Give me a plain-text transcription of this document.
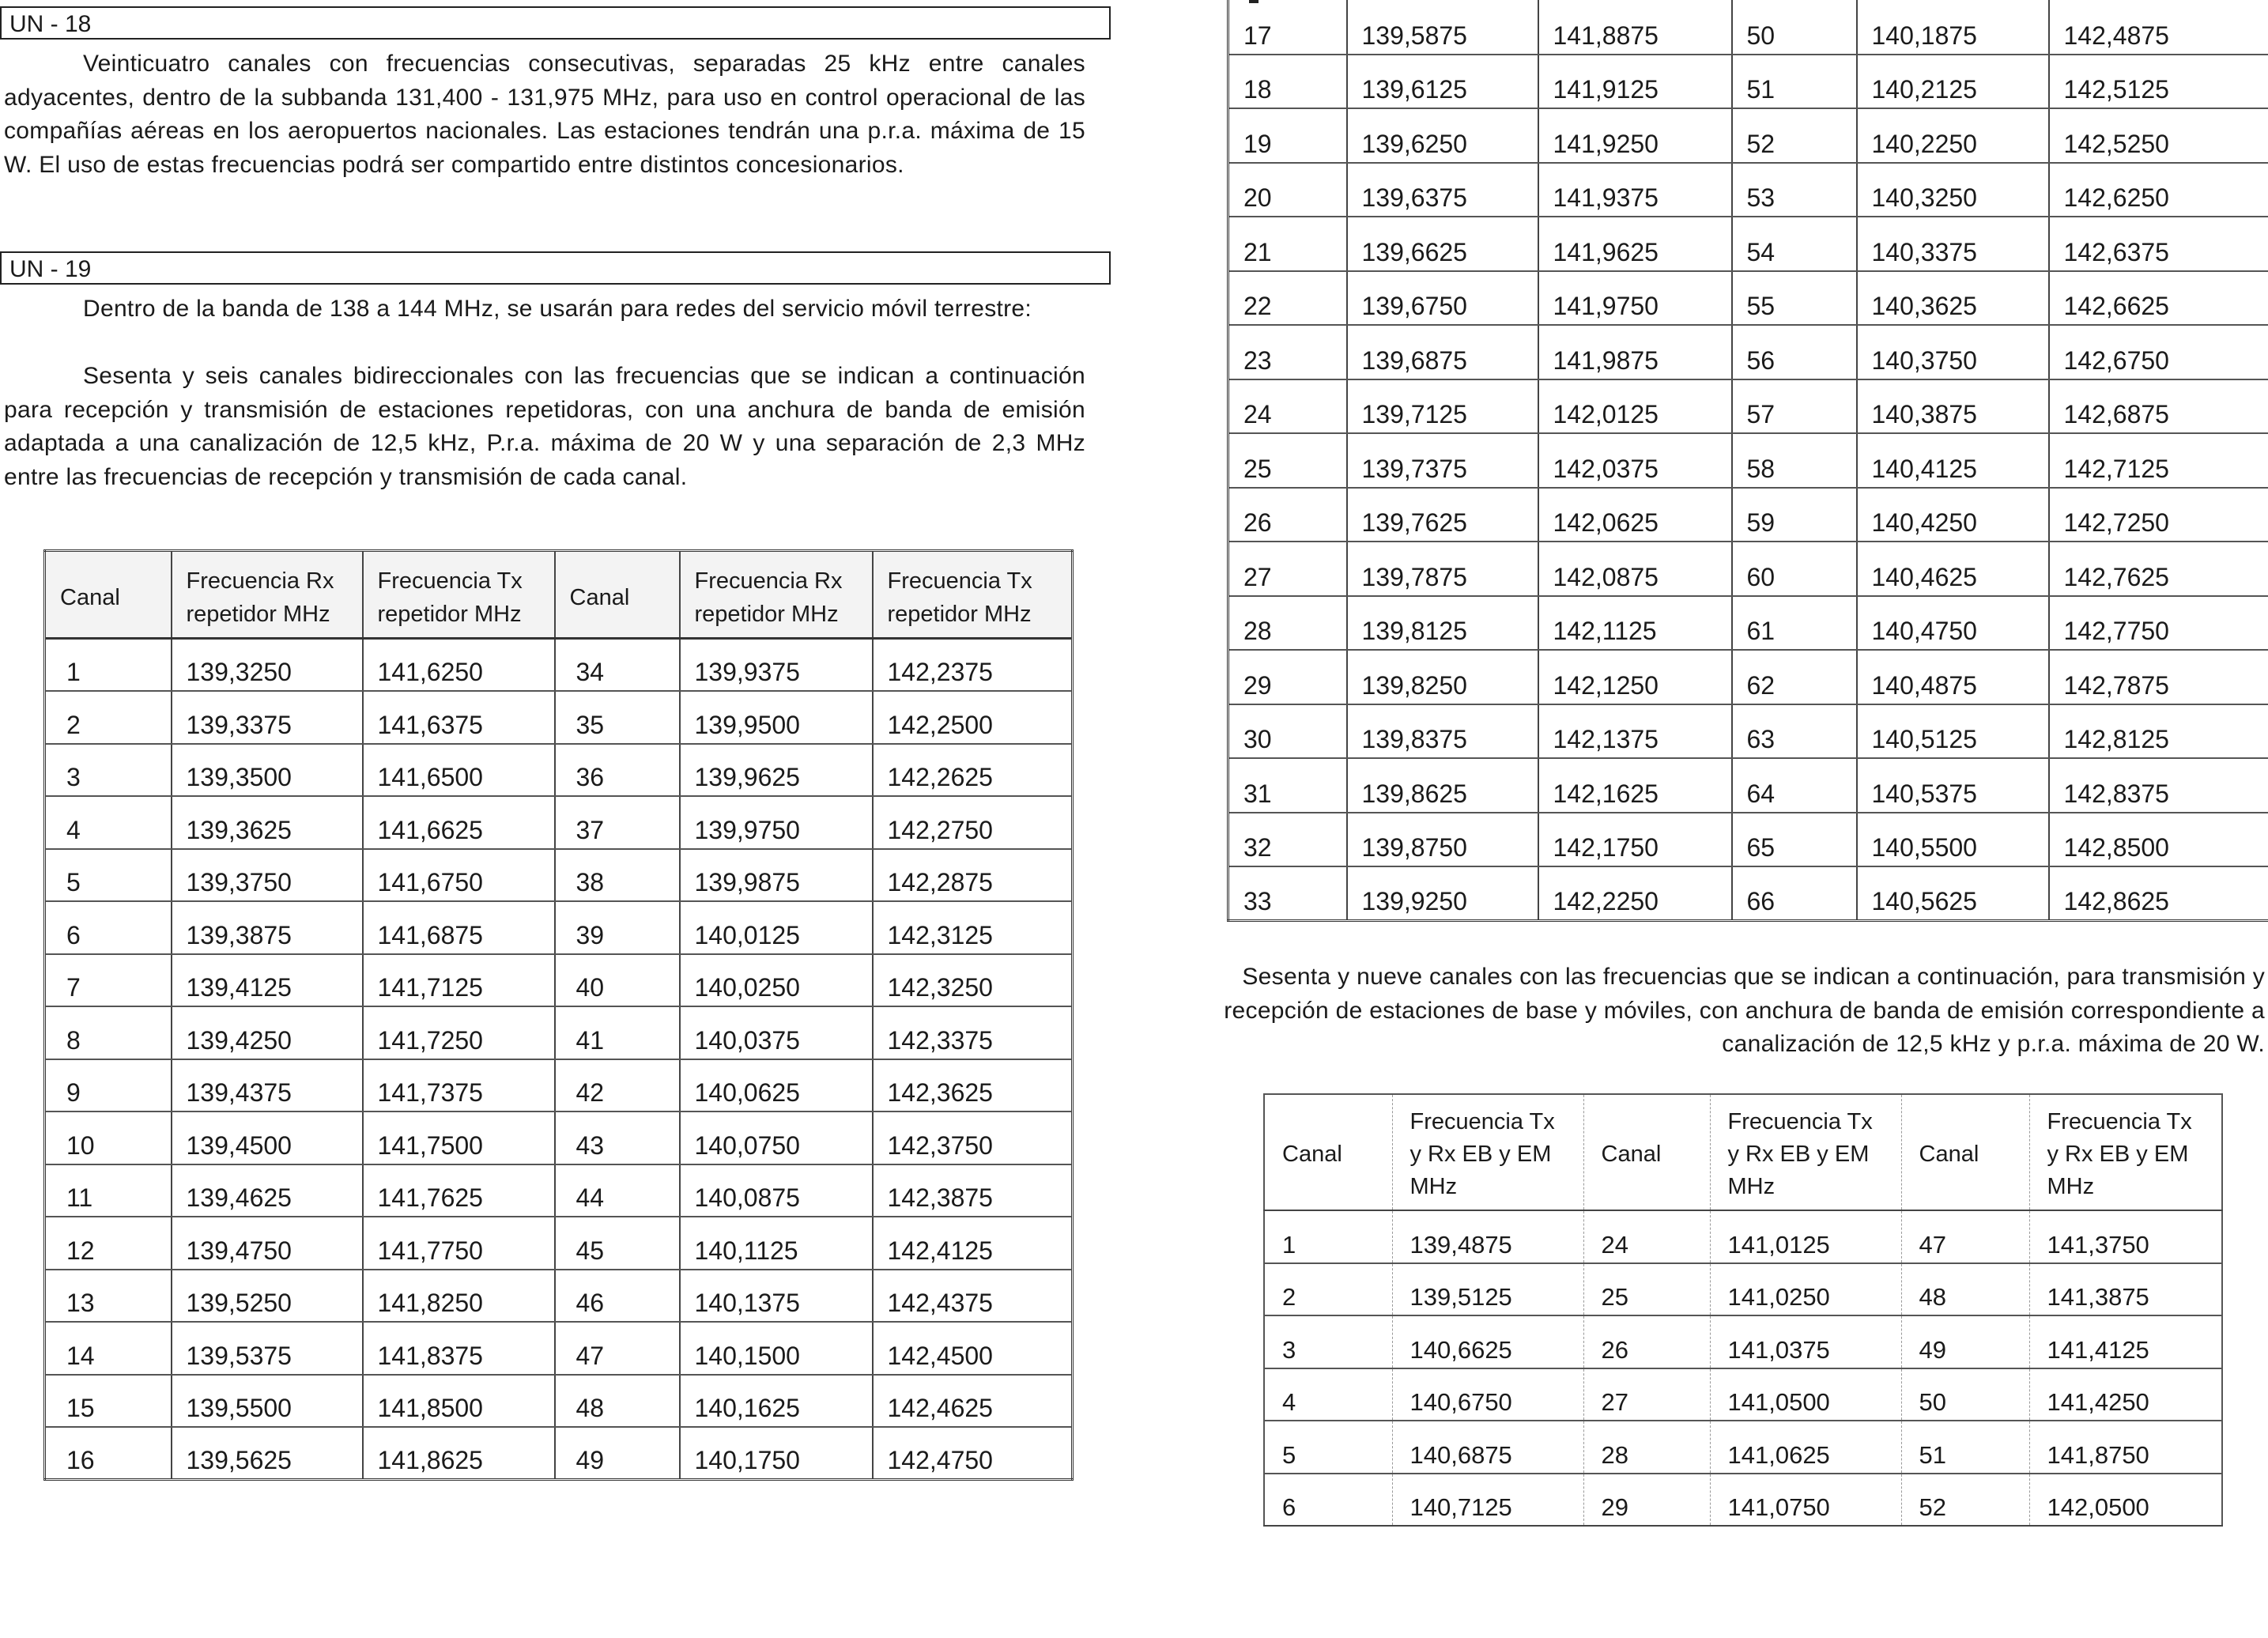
UN - 18
Veinticuatro canales con frecuencias consecutivas, separadas 25 kHz entre canales adyacentes, dentro de la subbanda 131,400 - 131,975 MHz, para uso en control operacional de las compañías aéreas en los aeropuertos nacionales. Las estaciones tendrán una p.r.a. máxima de 15 W. El uso de estas frecuencias podrá ser compartido entre distintos concesionarios.
UN - 19
Dentro de la banda de 138 a 144 MHz, se usarán para redes del servicio móvil terrestre:
Sesenta y seis canales bidireccionales con las frecuencias que se indican a continuación para recepción y transmisión de estaciones repetidoras, con una anchura de banda de emisión adaptada a una canalización de 12,5 kHz, P.r.a. máxima de 20 W y una separación de 2,3 MHz entre las frecuencias de recepción y transmisión de cada canal.
Canal	Frecuencia Rx repetidor MHz	Frecuencia Tx repetidor MHz	Canal	Frecuencia Rx repetidor MHz	Frecuencia Tx repetidor MHz
1	139,3250	141,6250	34	139,9375	142,2375
2	139,3375	141,6375	35	139,9500	142,2500
3	139,3500	141,6500	36	139,9625	142,2625
4	139,3625	141,6625	37	139,9750	142,2750
5	139,3750	141,6750	38	139,9875	142,2875
6	139,3875	141,6875	39	140,0125	142,3125
7	139,4125	141,7125	40	140,0250	142,3250
8	139,4250	141,7250	41	140,0375	142,3375
9	139,4375	141,7375	42	140,0625	142,3625
10	139,4500	141,7500	43	140,0750	142,3750
11	139,4625	141,7625	44	140,0875	142,3875
12	139,4750	141,7750	45	140,1125	142,4125
13	139,5250	141,8250	46	140,1375	142,4375
14	139,5375	141,8375	47	140,1500	142,4500
15	139,5500	141,8500	48	140,1625	142,4625
16	139,5625	141,8625	49	140,1750	142,4750
17	139,5875	141,8875	50	140,1875	142,4875
18	139,6125	141,9125	51	140,2125	142,5125
19	139,6250	141,9250	52	140,2250	142,5250
20	139,6375	141,9375	53	140,3250	142,6250
21	139,6625	141,9625	54	140,3375	142,6375
22	139,6750	141,9750	55	140,3625	142,6625
23	139,6875	141,9875	56	140,3750	142,6750
24	139,7125	142,0125	57	140,3875	142,6875
25	139,7375	142,0375	58	140,4125	142,7125
26	139,7625	142,0625	59	140,4250	142,7250
27	139,7875	142,0875	60	140,4625	142,7625
28	139,8125	142,1125	61	140,4750	142,7750
29	139,8250	142,1250	62	140,4875	142,7875
30	139,8375	142,1375	63	140,5125	142,8125
31	139,8625	142,1625	64	140,5375	142,8375
32	139,8750	142,1750	65	140,5500	142,8500
33	139,9250	142,2250	66	140,5625	142,8625
Sesenta y nueve canales con las frecuencias que se indican a continuación, para transmisión y recepción de estaciones de base y móviles, con anchura de banda de emisión correspondiente a canalización de 12,5 kHz y p.r.a. máxima de 20 W.
Canal	Frecuencia Tx y Rx EB y EM MHz	Canal	Frecuencia Tx y Rx EB y EM MHz	Canal	Frecuencia Tx y Rx EB y EM MHz
1	139,4875	24	141,0125	47	141,3750
2	139,5125	25	141,0250	48	141,3875
3	140,6625	26	141,0375	49	141,4125
4	140,6750	27	141,0500	50	141,4250
5	140,6875	28	141,0625	51	141,8750
6	140,7125	29	141,0750	52	142,0500
